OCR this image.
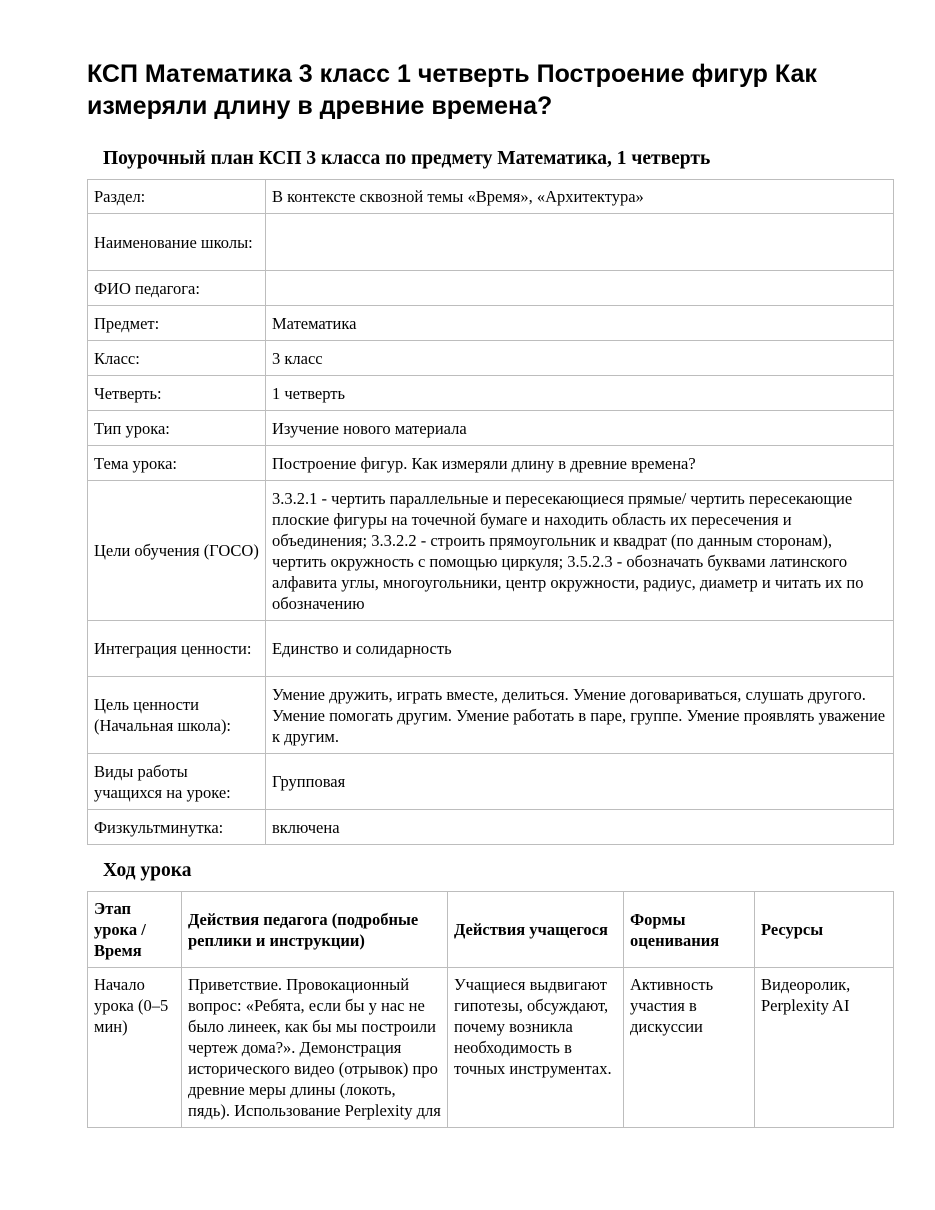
КСП Математика 3 класс 1 четверть Построение фигур Как измеряли длину в древние времена?
Поурочный план КСП 3 класса по предмету Математика, 1 четверть
Раздел:	В контексте сквозной темы «Время», «Архитектура»
Наименование школы:	
ФИО педагога:	
Предмет:	Математика
Класс:	3 класс
Четверть:	1 четверть
Тип урока:	Изучение нового материала
Тема урока:	Построение фигур. Как измеряли длину в древние времена?
Цели обучения (ГОСО)	3.3.2.1 - чертить параллельные и пересекающиеся прямые/ чертить пересекающие плоские фигуры на точечной бумаге и находить область их пересечения и объединения; 3.3.2.2 - строить прямоугольник и квадрат (по данным сторонам), чертить окружность с помощью циркуля; 3.5.2.3 - обозначать буквами латинского алфавита углы, многоугольники, центр окружности, радиус, диаметр и читать их по обозначению
Интеграция ценности:	Единство и солидарность
Цель ценности (Начальная школа):	Умение дружить, играть вместе, делиться. Умение договариваться, слушать другого. Умение помогать другим. Умение работать в паре, группе. Умение проявлять уважение к другим.
Виды работы учащихся на уроке:	Групповая
Физкультминутка:	включена
Ход урока
Этап урока / Время	Действия педагога (подробные реплики и инструкции)	Действия учащегося	Формы оценивания	Ресурсы
Начало урока (0–5 мин)	Приветствие. Провокационный вопрос: «Ребята, если бы у нас не было линеек, как бы мы построили чертеж дома?». Демонстрация исторического видео (отрывок) про древние меры длины (локоть, пядь). Использование Perplexity для	Учащиеся выдвигают гипотезы, обсуждают, почему возникла необходимость в точных инструментах.	Активность участия в дискуссии	Видеоролик, Perplexity AI
